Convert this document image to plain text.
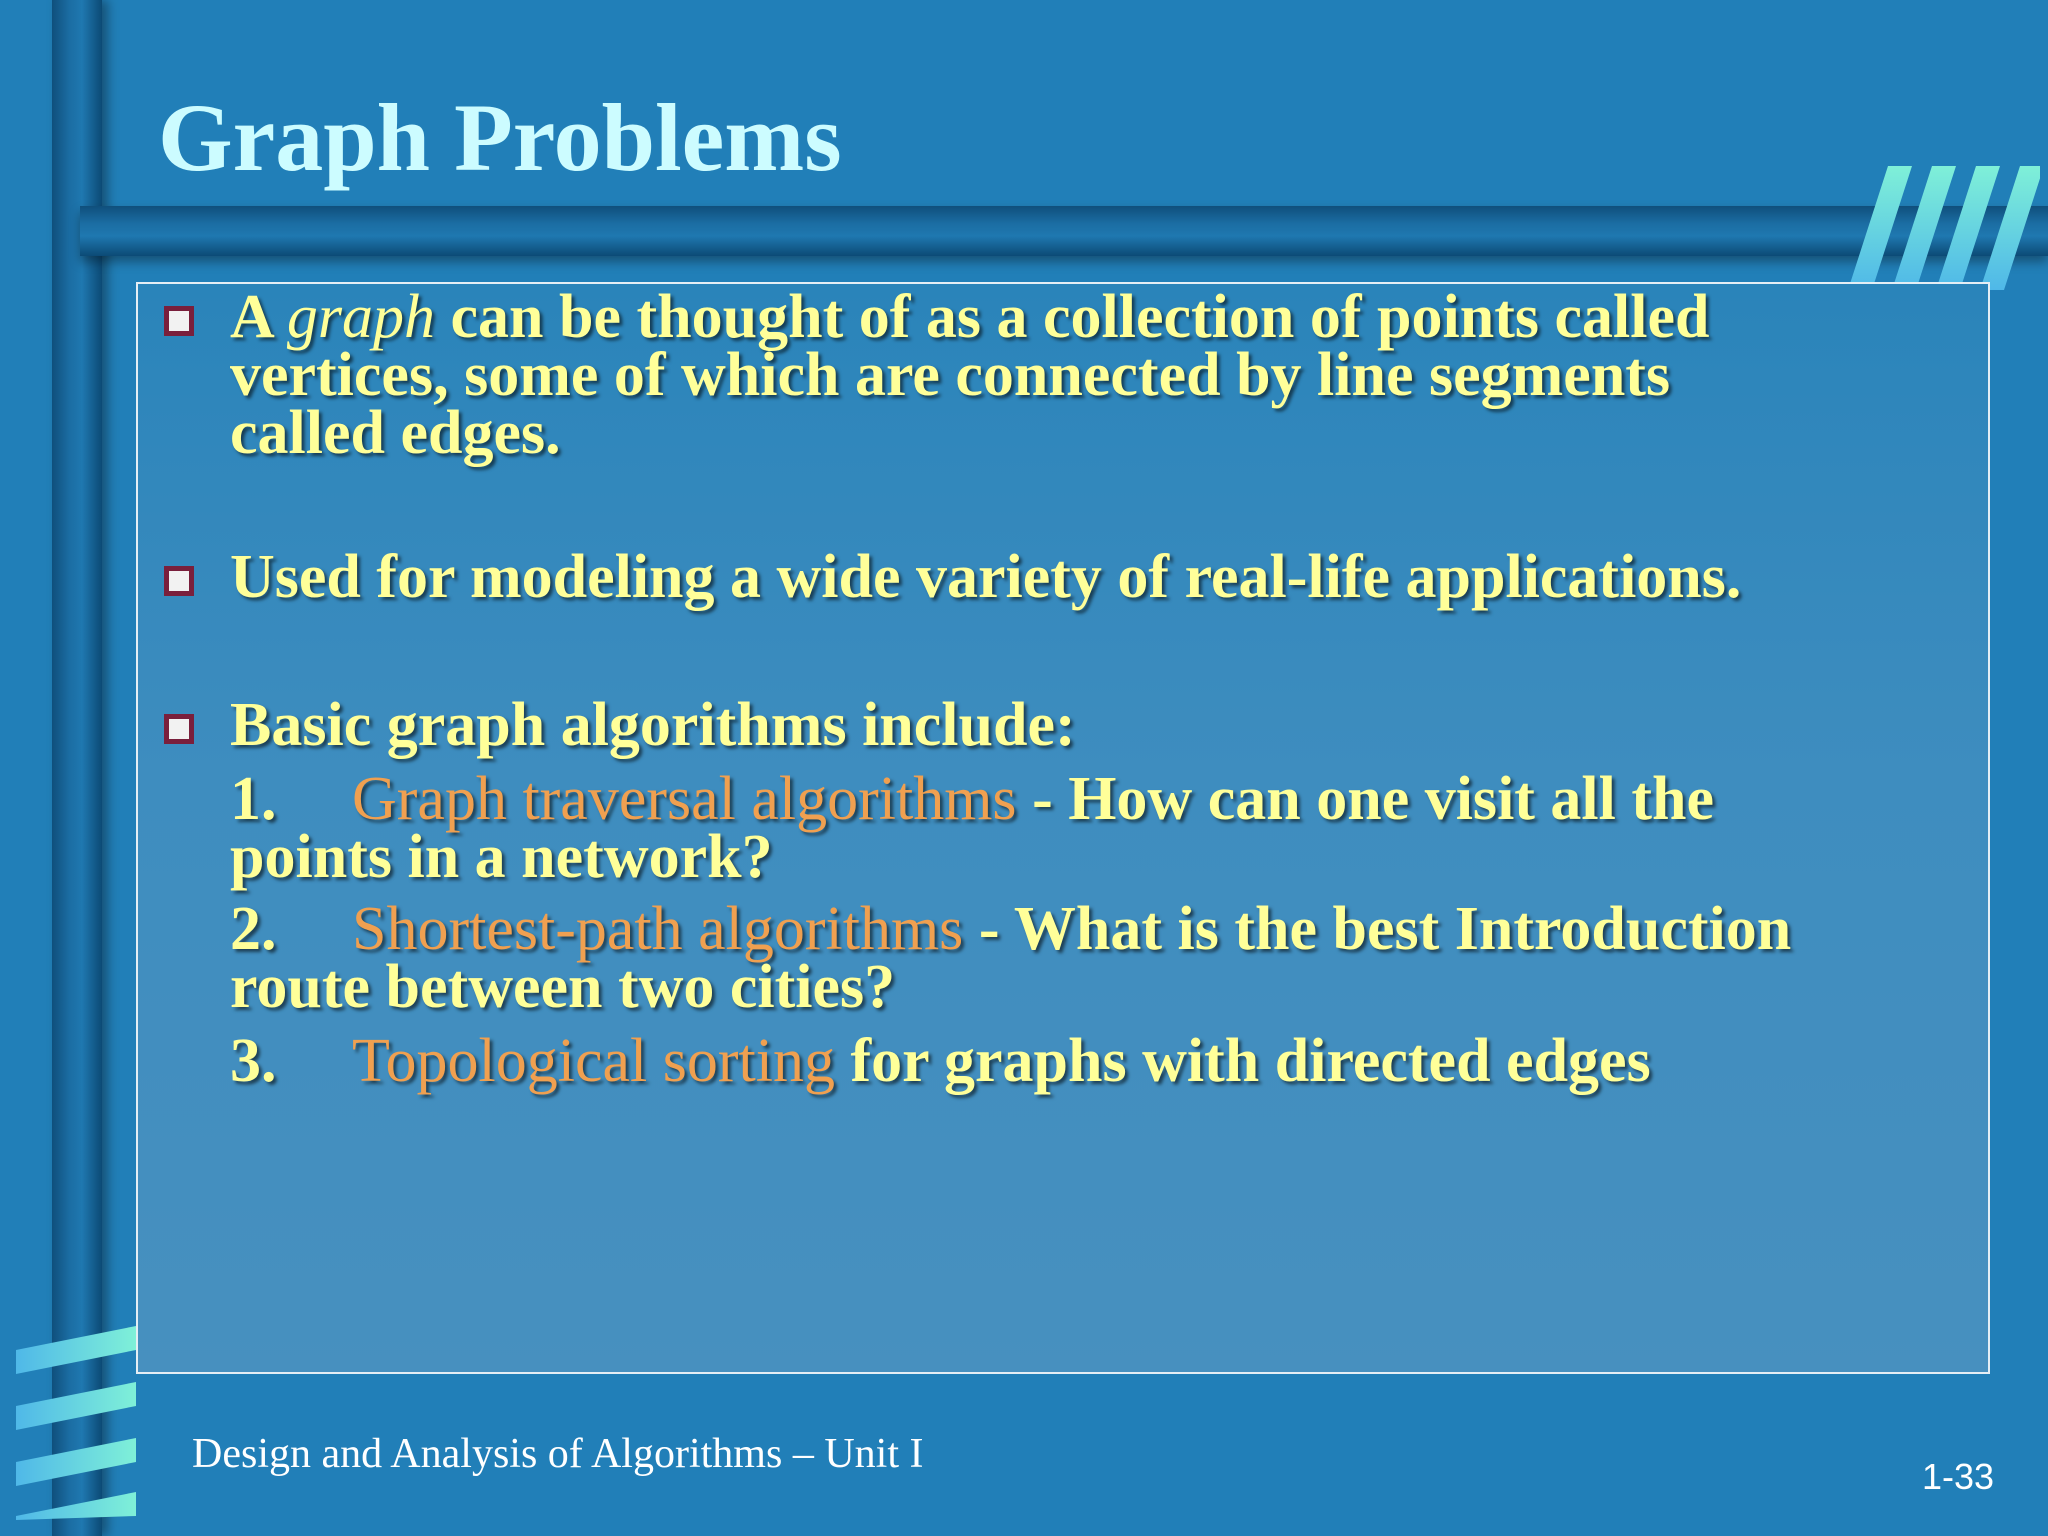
Graph Problems

A graph can be thought of as a collection of points called

vertices, some of which are connected by line segments

called edges.

Used for modeling a wide variety of real-life applications.

Basic graph algorithms include:

1. Graph traversal algorithms - How can one visit all the

points in a network?

2. Shortest-path algorithms - What is the best Introduction

route between two cities?

3. Topological sorting for graphs with directed edges

Design and Analysis of Algorithms – Unit I	1-33
